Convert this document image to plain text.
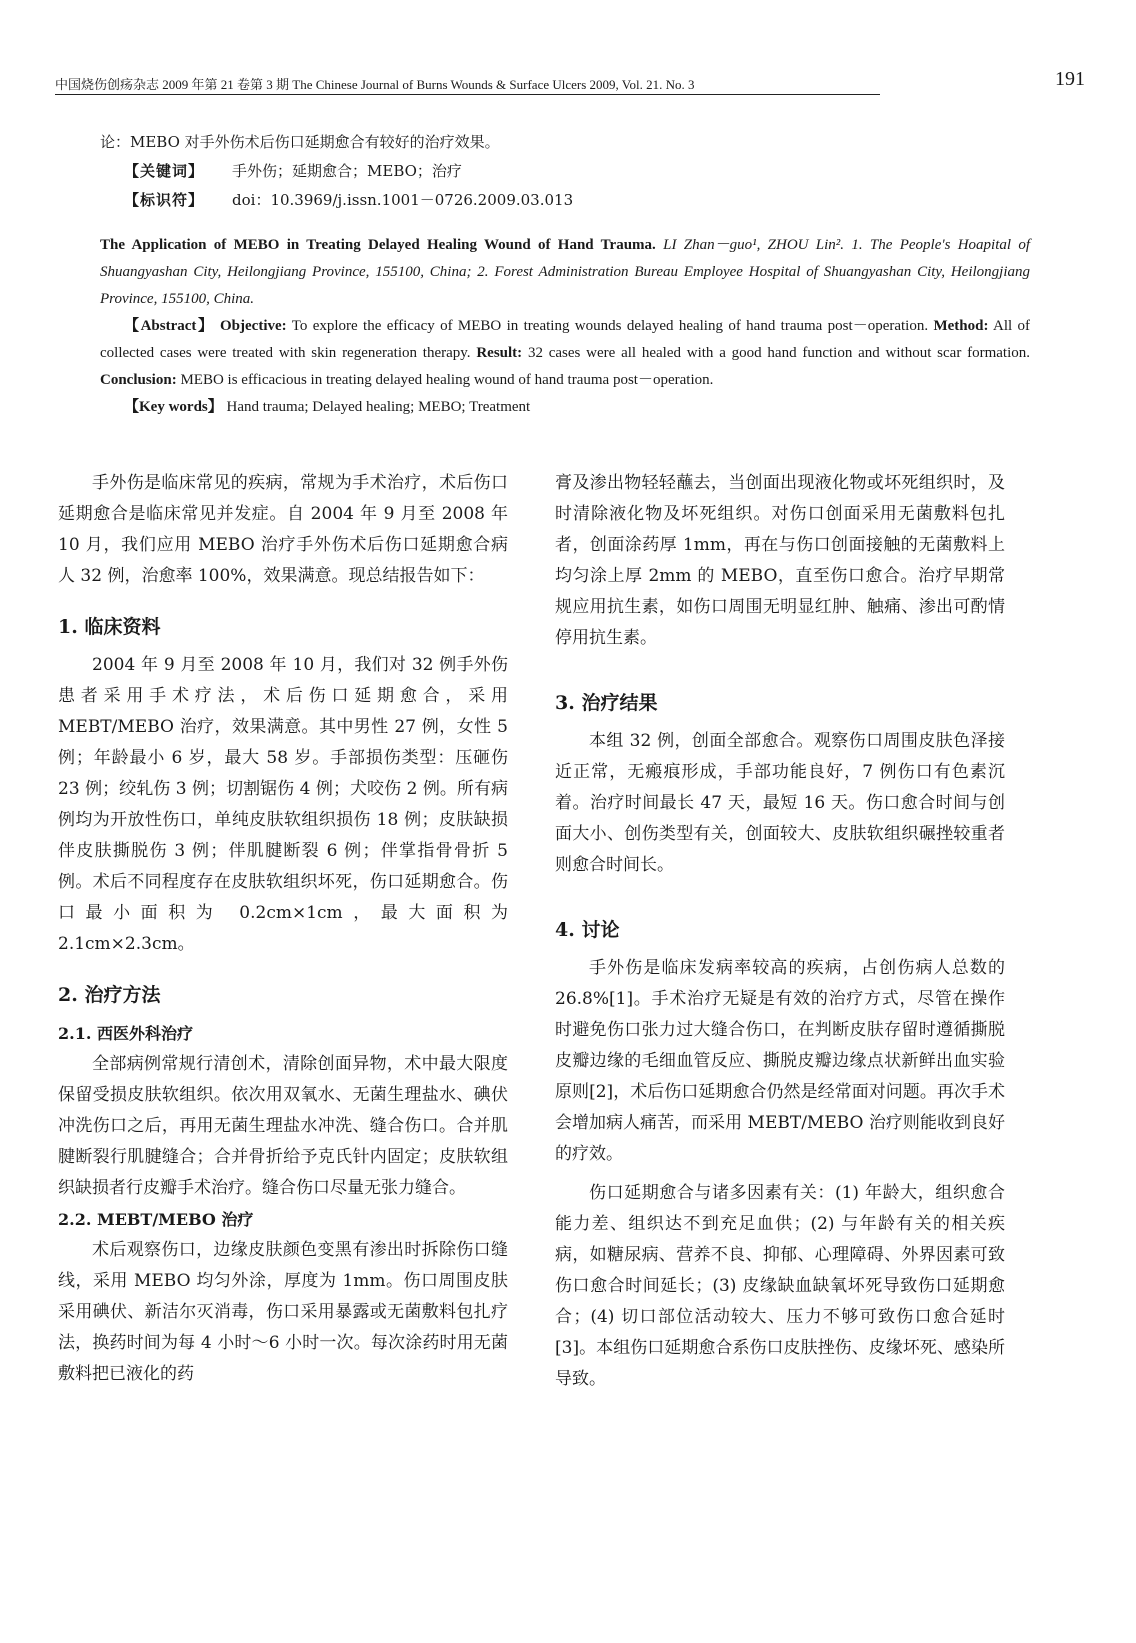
中国烧伤创疡杂志 2009 年第 21 卷第 3 期 The Chinese Journal of Burns Wounds & Surface Ulcers 2009, Vol. 21. No. 3	191
论：MEBO 对手外伤术后伤口延期愈合有较好的治疗效果。
【关键词】 手外伤；延期愈合；MEBO；治疗
【标识符】 doi：10.3969/j.issn.1001－0726.2009.03.013
The Application of MEBO in Treating Delayed Healing Wound of Hand Trauma. LI Zhan－guo¹, ZHOU Lin². 1. The People's Hoapital of Shuangyashan City, Heilongjiang Province, 155100, China; 2. Forest Administration Bureau Employee Hospital of Shuangyashan City, Heilongjiang Province, 155100, China.
【Abstract】 Objective: To explore the efficacy of MEBO in treating wounds delayed healing of hand trauma post－operation. Method: All of collected cases were treated with skin regeneration therapy. Result: 32 cases were all healed with a good hand function and without scar formation. Conclusion: MEBO is efficacious in treating delayed healing wound of hand trauma post－operation.
【Key words】 Hand trauma; Delayed healing; MEBO; Treatment

手外伤是临床常见的疾病，常规为手术治疗，术后伤口延期愈合是临床常见并发症。自 2004 年 9 月至 2008 年 10 月，我们应用 MEBO 治疗手外伤术后伤口延期愈合病人 32 例，治愈率 100%，效果满意。现总结报告如下：

1. 临床资料

2004 年 9 月至 2008 年 10 月，我们对 32 例手外伤患者采用手术疗法，术后伤口延期愈合，采用 MEBT/MEBO 治疗，效果满意。其中男性 27 例，女性 5 例；年龄最小 6 岁，最大 58 岁。手部损伤类型：压砸伤 23 例；绞轧伤 3 例；切割锯伤 4 例；犬咬伤 2 例。所有病例均为开放性伤口，单纯皮肤软组织损伤 18 例；皮肤缺损伴皮肤撕脱伤 3 例；伴肌腱断裂 6 例；伴掌指骨骨折 5 例。术后不同程度存在皮肤软组织坏死，伤口延期愈合。伤口最小面积为 0.2cm×1cm，最大面积为 2.1cm×2.3cm。

2. 治疗方法
2.1. 西医外科治疗

全部病例常规行清创术，清除创面异物，术中最大限度保留受损皮肤软组织。依次用双氧水、无菌生理盐水、碘伏冲洗伤口之后，再用无菌生理盐水冲洗、缝合伤口。合并肌腱断裂行肌腱缝合；合并骨折给予克氏针内固定；皮肤软组织缺损者行皮瓣手术治疗。缝合伤口尽量无张力缝合。

2.2. MEBT/MEBO 治疗

术后观察伤口，边缘皮肤颜色变黑有渗出时拆除伤口缝线，采用 MEBO 均匀外涂，厚度为 1mm。伤口周围皮肤采用碘伏、新洁尔灭消毒，伤口采用暴露或无菌敷料包扎疗法，换药时间为每 4 小时～6 小时一次。每次涂药时用无菌敷料把已液化的药

膏及渗出物轻轻蘸去，当创面出现液化物或坏死组织时，及时清除液化物及坏死组织。对伤口创面采用无菌敷料包扎者，创面涂药厚 1mm，再在与伤口创面接触的无菌敷料上均匀涂上厚 2mm 的 MEBO，直至伤口愈合。治疗早期常规应用抗生素，如伤口周围无明显红肿、触痛、渗出可酌情停用抗生素。

3. 治疗结果

本组 32 例，创面全部愈合。观察伤口周围皮肤色泽接近正常，无瘢痕形成，手部功能良好，7 例伤口有色素沉着。治疗时间最长 47 天，最短 16 天。伤口愈合时间与创面大小、创伤类型有关，创面较大、皮肤软组织碾挫较重者则愈合时间长。

4. 讨论

手外伤是临床发病率较高的疾病，占创伤病人总数的 26.8%[1]。手术治疗无疑是有效的治疗方式，尽管在操作时避免伤口张力过大缝合伤口，在判断皮肤存留时遵循撕脱皮瓣边缘的毛细血管反应、撕脱皮瓣边缘点状新鲜出血实验原则[2]，术后伤口延期愈合仍然是经常面对问题。再次手术会增加病人痛苦，而采用 MEBT/MEBO 治疗则能收到良好的疗效。

伤口延期愈合与诸多因素有关：(1) 年龄大，组织愈合能力差、组织达不到充足血供；(2) 与年龄有关的相关疾病，如糖尿病、营养不良、抑郁、心理障碍、外界因素可致伤口愈合时间延长；(3) 皮缘缺血缺氧坏死导致伤口延期愈合；(4) 切口部位活动较大、压力不够可致伤口愈合延时[3]。本组伤口延期愈合系伤口皮肤挫伤、皮缘坏死、感染所导致。
